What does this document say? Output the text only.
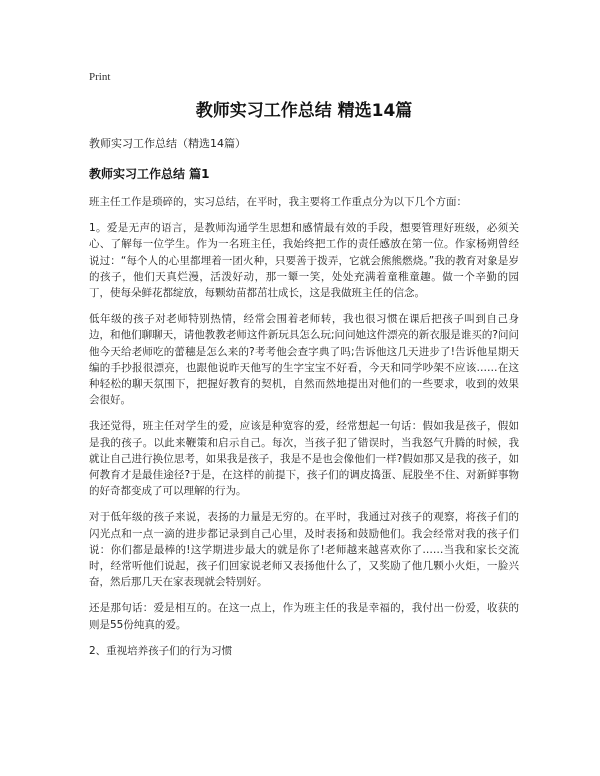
Print
教师实习工作总结 精选14篇
教师实习工作总结（精选14篇）
教师实习工作总结 篇1

班主任工作是琐碎的，实习总结，在平时，我主要将工作重点分为以下几个方面：

1。爱是无声的语言，是教师沟通学生思想和感情最有效的手段，想要管理好班级，必须关心、了解每一位学生。作为一名班主任，我始终把工作的责任感放在第一位。作家杨朔曾经说过：“每个人的心里都埋着一团火种，只要善于拨弄，它就会熊熊燃烧。”我的教育对象是岁的孩子，他们天真烂漫，活泼好动，那一颦一笑，处处充满着童稚童趣。做一个辛勤的园丁，使每朵鲜花都绽放，每颗幼苗都茁壮成长，这是我做班主任的信念。

低年级的孩子对老师特别热情，经常会围着老师转，我也很习惯在课后把孩子叫到自己身边，和他们聊聊天，请他教教老师这件新玩具怎么玩;问问她这件漂亮的新衣服是谁买的?问问他今天给老师吃的蕾穗是怎么来的?考考他会查字典了吗;告诉他这几天进步了!告诉他星期天编的手抄报很漂亮，也跟他说昨天他写的生字宝宝不好看，今天和同学吵架不应该……在这种轻松的聊天氛围下，把握好教育的契机，自然而然地提出对他们的一些要求，收到的效果会很好。

我还觉得，班主任对学生的爱，应该是种宽容的爱，经常想起一句话：假如我是孩子，假如是我的孩子。以此来鞭策和启示自己。每次，当孩子犯了错误时，当我怒气升腾的时候，我就让自己进行换位思考，如果我是孩子，我是不是也会像他们一样?假如那又是我的孩子，如何教育才是最佳途径?于是，在这样的前提下，孩子们的调皮捣蛋、屁股坐不住、对新鲜事物的好奇都变成了可以理解的行为。

对于低年级的孩子来说，表扬的力量是无穷的。在平时，我通过对孩子的观察，将孩子们的闪光点和一点一滴的进步都记录到自己心里，及时表扬和鼓励他们。我会经常对我的孩子们说：你们都是最棒的!这学期进步最大的就是你了!老师越来越喜欢你了……当我和家长交流时，经常听他们说起，孩子们回家说老师又表扬他什么了，又奖励了他几颗小火炬，一脸兴奋，然后那几天在家表现就会特别好。

还是那句话：爱是相互的。在这一点上，作为班主任的我是幸福的，我付出一份爱，收获的则是55份纯真的爱。

2、重视培养孩子们的行为习惯
